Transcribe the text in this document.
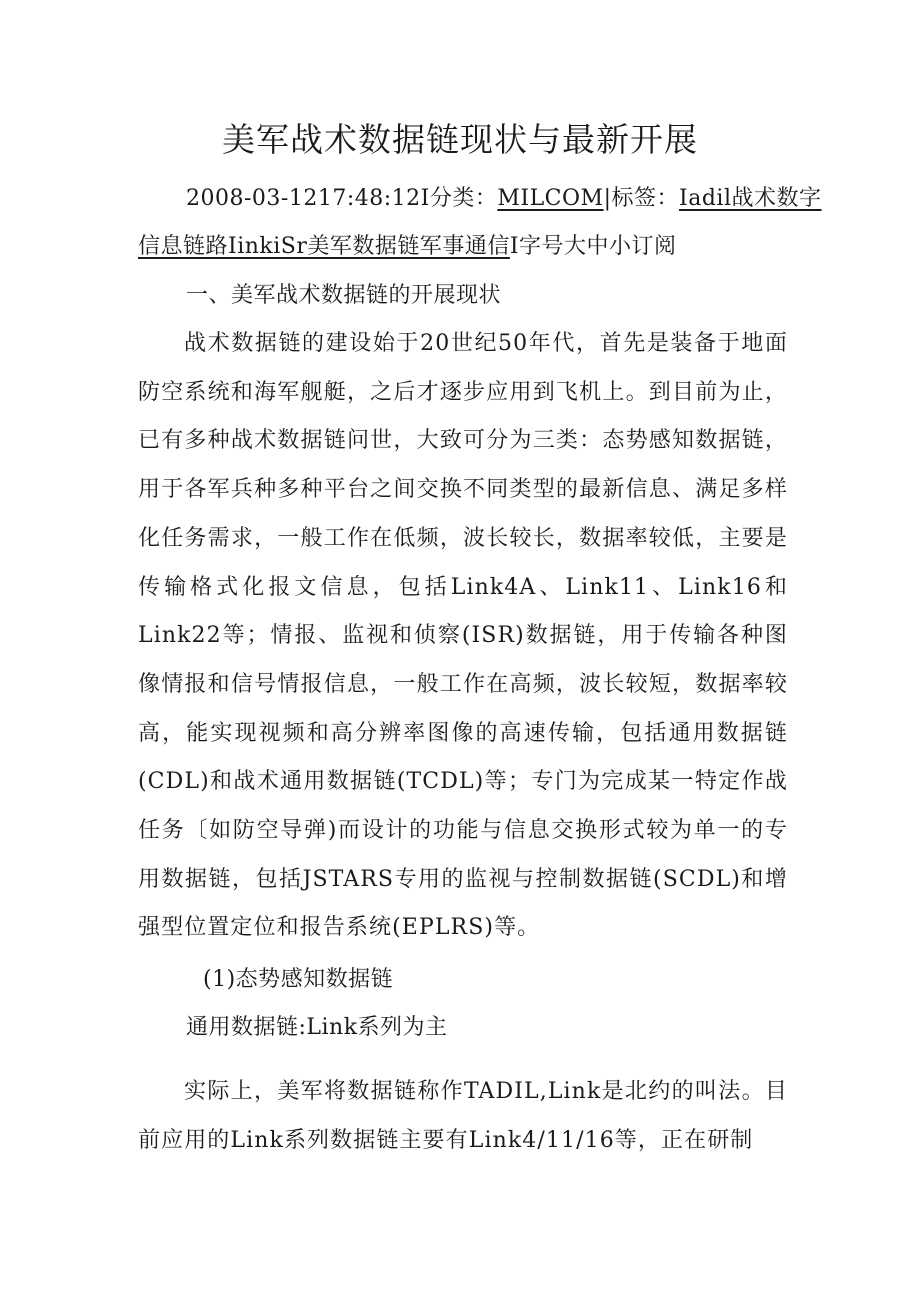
美军战术数据链现状与最新开展
2008-03-1217:48:12I分类：MILCOM|标签：Iadil战术数字
信息链路IinkiSr美军数据链军事通信I字号大中小订阅
一、美军战术数据链的开展现状

战术数据链的建设始于20世纪50年代，首先是装备于地面防空系统和海军舰艇，之后才逐步应用到飞机上。到目前为止，已有多种战术数据链问世，大致可分为三类：态势感知数据链，用于各军兵种多种平台之间交换不同类型的最新信息、满足多样化任务需求，一般工作在低频，波长较长，数据率较低，主要是传输格式化报文信息，包括Link4A、Link11、Link16和Link22等；情报、监视和侦察(ISR)数据链，用于传输各种图像情报和信号情报信息，一般工作在高频，波长较短，数据率较高，能实现视频和高分辨率图像的高速传输，包括通用数据链(CDL)和战术通用数据链(TCDL)等；专门为完成某一特定作战任务〔如防空导弹)而设计的功能与信息交换形式较为单一的专用数据链，包括JSTARS专用的监视与控制数据链(SCDL)和增强型位置定位和报告系统(EPLRS)等。

(1)态势感知数据链
通用数据链:Link系列为主

实际上，美军将数据链称作TADIL,Link是北约的叫法。目前应用的Link系列数据链主要有Link4/11/16等，正在研制
